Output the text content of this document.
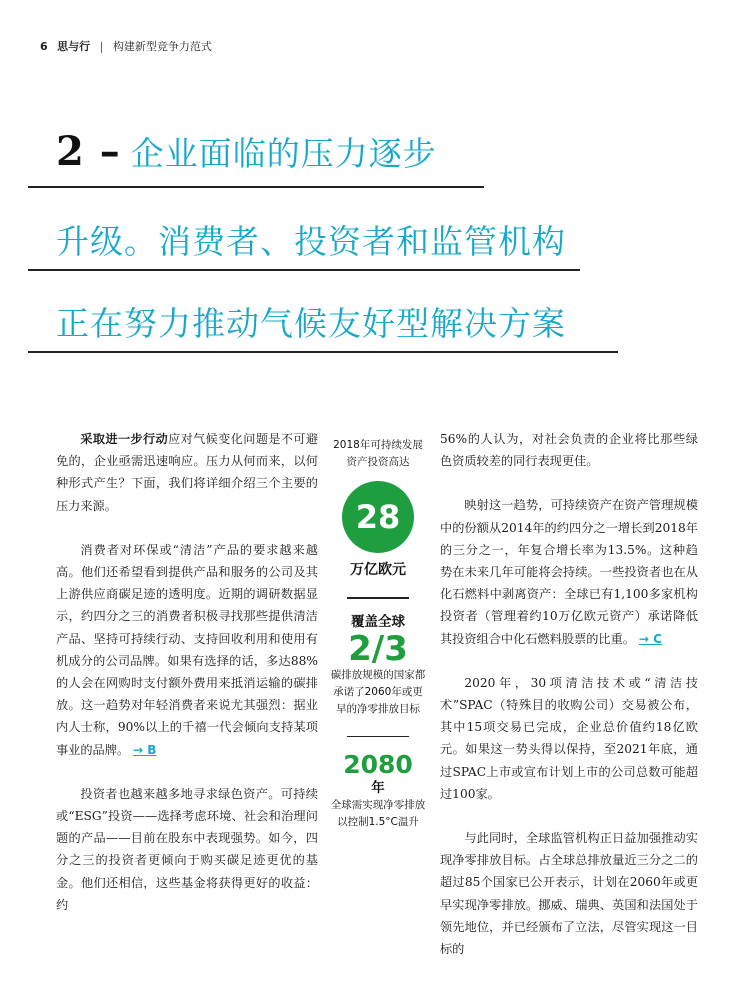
6 思与行 | 构建新型竞争力范式
2 – 企业面临的压力逐步
升级。消费者、投资者和监管机构
正在努力推动气候友好型解决方案

采取进一步行动应对气候变化问题是不可避免的，企业亟需迅速响应。压力从何而来，以何种形式产生？下面，我们将详细介绍三个主要的压力来源。

消费者对环保或“清洁”产品的要求越来越高。他们还希望看到提供产品和服务的公司及其上游供应商碳足迹的透明度。近期的调研数据显示，约四分之三的消费者积极寻找那些提供清洁产品、坚持可持续行动、支持回收利用和使用有机成分的公司品牌。如果有选择的话，多达88%的人会在网购时支付额外费用来抵消运输的碳排放。这一趋势对年轻消费者来说尤其强烈：据业内人士称，90%以上的千禧一代会倾向支持某项事业的品牌。 → B

投资者也越来越多地寻求绿色资产。可持续或“ESG”投资——选择考虑环境、社会和治理问题的产品——目前在股东中表现强势。如今，四分之三的投资者更倾向于购买碳足迹更优的基金。他们还相信，这些基金将获得更好的收益：约

2018年可持续发展资产投资高达
28
万亿欧元
覆盖全球
2/3
碳排放规模的国家都承诺了2060年或更早的净零排放目标
2080
年
全球需实现净零排放以控制1.5°C温升

56%的人认为，对社会负责的企业将比那些绿色资质较差的同行表现更佳。

映射这一趋势，可持续资产在资产管理规模中的份额从2014年的约四分之一增长到2018年的三分之一，年复合增长率为13.5%。这种趋势在未来几年可能将会持续。一些投资者也在从化石燃料中剥离资产：全球已有1,100多家机构投资者（管理着约10万亿欧元资产）承诺降低其投资组合中化石燃料股票的比重。 → C

2020年，30项清洁技术或“清洁技术”SPAC（特殊目的收购公司）交易被公布，其中15项交易已完成，企业总价值约18亿欧元。如果这一势头得以保持，至2021年底，通过SPAC上市或宣布计划上市的公司总数可能超过100家。

与此同时，全球监管机构正日益加强推动实现净零排放目标。占全球总排放量近三分之二的超过85个国家已公开表示，计划在2060年或更早实现净零排放。挪威、瑞典、英国和法国处于领先地位，并已经颁布了立法，尽管实现这一目标的
